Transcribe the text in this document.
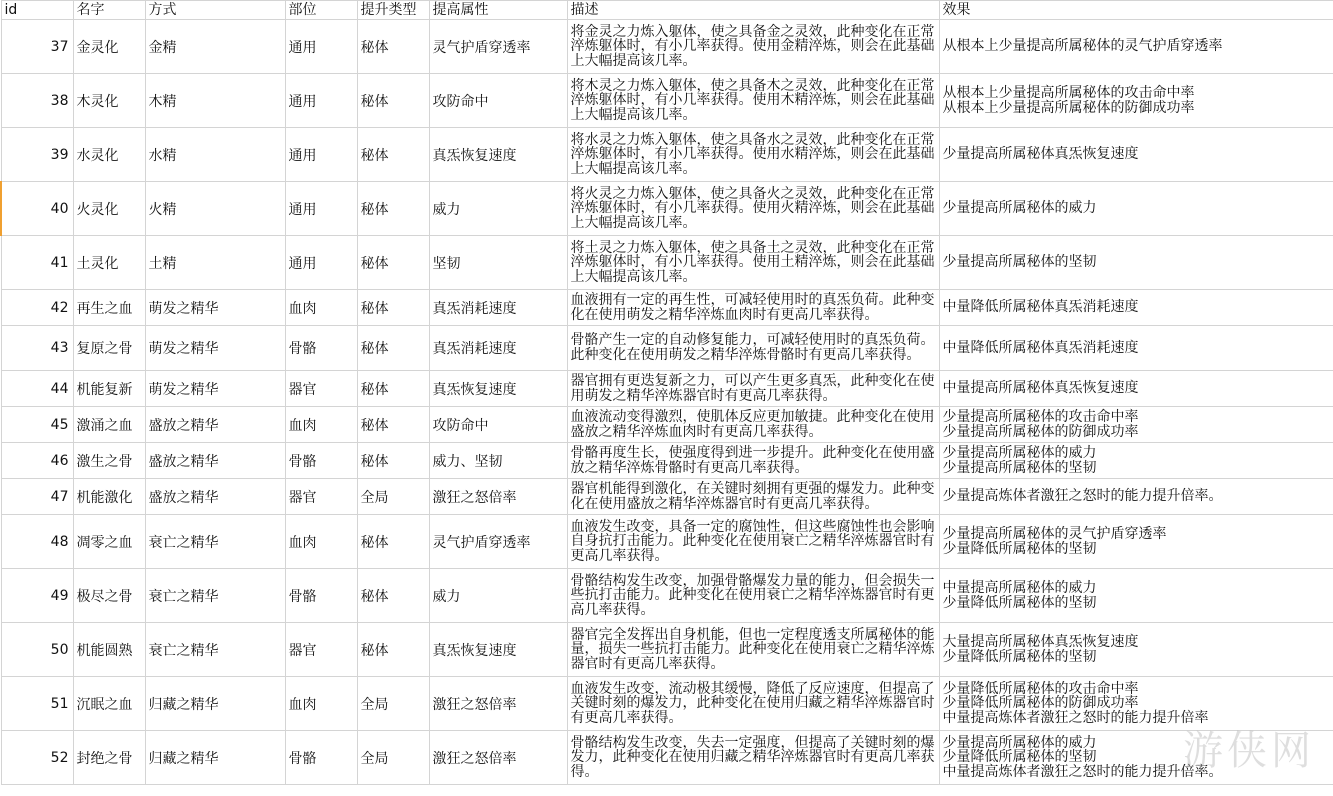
id	名字	方式	部位	提升类型	提高属性	描述	效果
37	金灵化	金精	通用	秘体	灵气护盾穿透率	将金灵之力炼入躯体，使之具备金之灵效，此种变化在正常淬炼躯体时，有小几率获得。使用金精淬炼，则会在此基础上大幅提高该几率。	从根本上少量提高所属秘体的灵气护盾穿透率

38	木灵化	木精	通用	秘体	攻防命中	将木灵之力炼入躯体，使之具备木之灵效，此种变化在正常淬炼躯体时，有小几率获得。使用木精淬炼，则会在此基础上大幅提高该几率。	从根本上少量提高所属秘体的攻击命中率
从根本上少量提高所属秘体的防御成功率

39	水灵化	水精	通用	秘体	真炁恢复速度	将水灵之力炼入躯体，使之具备水之灵效，此种变化在正常淬炼躯体时，有小几率获得。使用水精淬炼，则会在此基础上大幅提高该几率。	少量提高所属秘体真炁恢复速度

40	火灵化	火精	通用	秘体	威力	将火灵之力炼入躯体，使之具备火之灵效，此种变化在正常淬炼躯体时，有小几率获得。使用火精淬炼，则会在此基础上大幅提高该几率。	少量提高所属秘体的威力

41	土灵化	土精	通用	秘体	坚韧	将土灵之力炼入躯体，使之具备土之灵效，此种变化在正常淬炼躯体时，有小几率获得。使用土精淬炼，则会在此基础上大幅提高该几率。	少量提高所属秘体的坚韧

42	再生之血	萌发之精华	血肉	秘体	真炁消耗速度	血液拥有一定的再生性，可减轻使用时的真炁负荷。此种变化在使用萌发之精华淬炼血肉时有更高几率获得。	中量降低所属秘体真炁消耗速度

43	复原之骨	萌发之精华	骨骼	秘体	真炁消耗速度	骨骼产生一定的自动修复能力，可减轻使用时的真炁负荷。此种变化在使用萌发之精华淬炼骨骼时有更高几率获得。	中量降低所属秘体真炁消耗速度

44	机能复新	萌发之精华	器官	秘体	真炁恢复速度	器官拥有更迭复新之力，可以产生更多真炁，此种变化在使用萌发之精华淬炼器官时有更高几率获得。	中量提高所属秘体真炁恢复速度

45	激涌之血	盛放之精华	血肉	秘体	攻防命中	血液流动变得激烈，使肌体反应更加敏捷。此种变化在使用盛放之精华淬炼血肉时有更高几率获得。	少量提高所属秘体的攻击命中率
少量提高所属秘体的防御成功率

46	激生之骨	盛放之精华	骨骼	秘体	威力、坚韧	骨骼再度生长，使强度得到进一步提升。此种变化在使用盛放之精华淬炼骨骼时有更高几率获得。	少量提高所属秘体的威力
少量提高所属秘体的坚韧

47	机能激化	盛放之精华	器官	全局	激狂之怒倍率	器官机能得到激化，在关键时刻拥有更强的爆发力。此种变化在使用盛放之精华淬炼器官时有更高几率获得。	少量提高炼体者激狂之怒时的能力提升倍率。

48	凋零之血	衰亡之精华	血肉	秘体	灵气护盾穿透率	血液发生改变，具备一定的腐蚀性，但这些腐蚀性也会影响自身抗打击能力。此种变化在使用衰亡之精华淬炼器官时有更高几率获得。	少量提高所属秘体的灵气护盾穿透率
少量降低所属秘体的坚韧

49	极尽之骨	衰亡之精华	骨骼	秘体	威力	骨骼结构发生改变，加强骨骼爆发力量的能力，但会损失一些抗打击能力。此种变化在使用衰亡之精华淬炼器官时有更高几率获得。	中量提高所属秘体的威力
少量降低所属秘体的坚韧

50	机能圆熟	衰亡之精华	器官	秘体	真炁恢复速度	器官完全发挥出自身机能，但也一定程度透支所属秘体的能量，损失一些抗打击能力。此种变化在使用衰亡之精华淬炼器官时有更高几率获得。	大量提高所属秘体真炁恢复速度
少量降低所属秘体的坚韧

51	沉眠之血	归藏之精华	血肉	全局	激狂之怒倍率	血液发生改变，流动极其缓慢，降低了反应速度，但提高了关键时刻的爆发力，此种变化在使用归藏之精华淬炼器官时有更高几率获得。	少量降低所属秘体的攻击命中率
少量降低所属秘体的防御成功率
中量提高炼体者激狂之怒时的能力提升倍率

52	封绝之骨	归藏之精华	骨骼	全局	激狂之怒倍率	骨骼结构发生改变，失去一定强度，但提高了关键时刻的爆发力，此种变化在使用归藏之精华淬炼器官时有更高几率获得。	少量提高所属秘体的威力
少量降低所属秘体的坚韧
中量提高炼体者激狂之怒时的能力提升倍率。
游侠网
